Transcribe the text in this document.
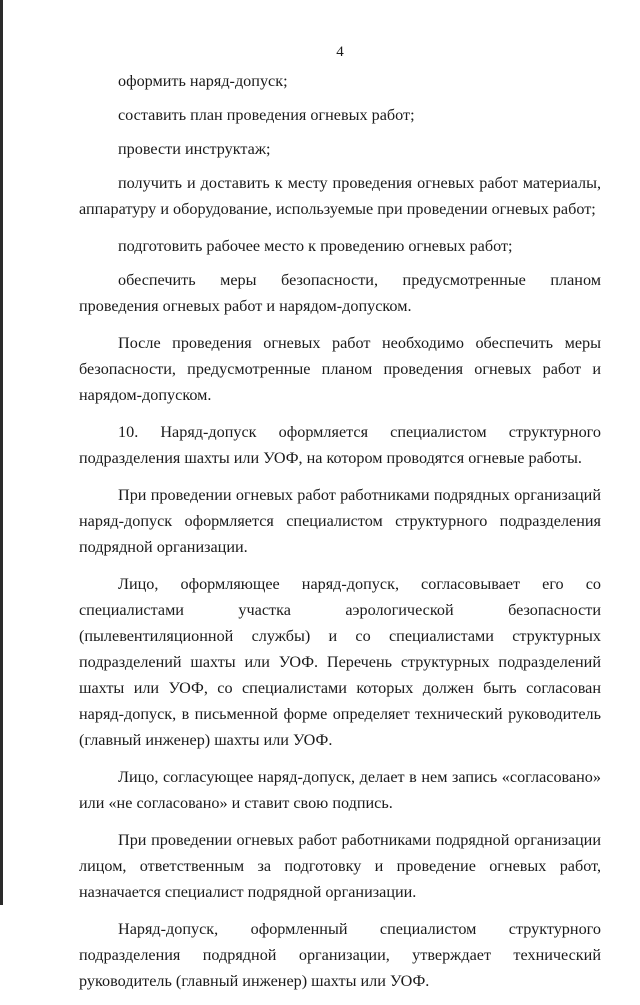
4

оформить наряд-допуск;

составить план проведения огневых работ;

провести инструктаж;

получить и доставить к месту проведения огневых работ материалы, аппаратуру и оборудование, используемые при проведении огневых работ;

подготовить рабочее место к проведению огневых работ;

обеспечить меры безопасности, предусмотренные планом проведения огневых работ и нарядом-допуском.

После проведения огневых работ необходимо обеспечить меры безопасности, предусмотренные планом проведения огневых работ и нарядом-допуском.

10. Наряд-допуск оформляется специалистом структурного подразделения шахты или УОФ, на котором проводятся огневые работы.

При проведении огневых работ работниками подрядных организаций наряд-допуск оформляется специалистом структурного подразделения подрядной организации.

Лицо, оформляющее наряд-допуск, согласовывает его со специалистами участка аэрологической безопасности (пылевентиляционной службы) и со специалистами структурных подразделений шахты или УОФ. Перечень структурных подразделений шахты или УОФ, со специалистами которых должен быть согласован наряд-допуск, в письменной форме определяет технический руководитель (главный инженер) шахты или УОФ.

Лицо, согласующее наряд-допуск, делает в нем запись «согласовано» или «не согласовано» и ставит свою подпись.

При проведении огневых работ работниками подрядной организации лицом, ответственным за подготовку и проведение огневых работ, назначается специалист подрядной организации.

Наряд-допуск, оформленный специалистом структурного подразделения подрядной организации, утверждает технический руководитель (главный инженер) шахты или УОФ.
